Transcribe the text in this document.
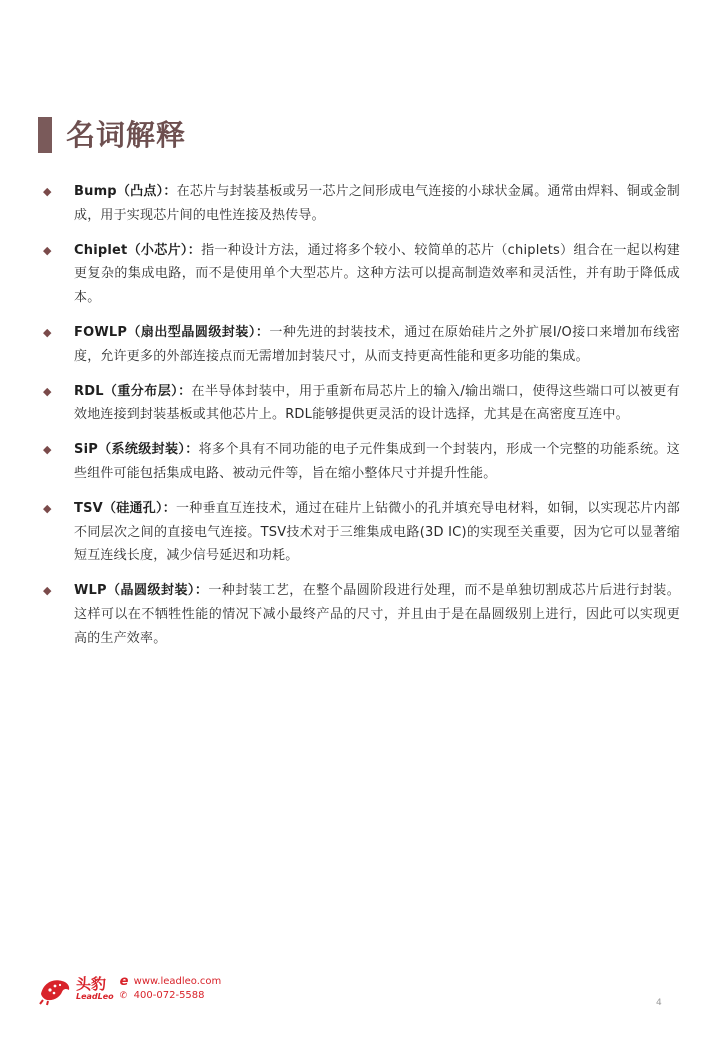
名词解释
◆	Bump（凸点）：在芯片与封装基板或另一芯片之间形成电气连接的小球状金属。通常由焊料、铜或金制成，用于实现芯片间的电性连接及热传导。
◆	Chiplet（小芯片）：指一种设计方法，通过将多个较小、较简单的芯片（chiplets）组合在一起以构建更复杂的集成电路，而不是使用单个大型芯片。这种方法可以提高制造效率和灵活性，并有助于降低成本。
◆	FOWLP（扇出型晶圆级封装）：一种先进的封装技术，通过在原始硅片之外扩展I/O接口来增加布线密度，允许更多的外部连接点而无需增加封装尺寸，从而支持更高性能和更多功能的集成。
◆	RDL（重分布层）：在半导体封装中，用于重新布局芯片上的输入/输出端口，使得这些端口可以被更有效地连接到封装基板或其他芯片上。RDL能够提供更灵活的设计选择，尤其是在高密度互连中。
◆	SiP（系统级封装）：将多个具有不同功能的电子元件集成到一个封装内，形成一个完整的功能系统。这些组件可能包括集成电路、被动元件等，旨在缩小整体尺寸并提升性能。
◆	TSV（硅通孔）：一种垂直互连技术，通过在硅片上钻微小的孔并填充导电材料，如铜，以实现芯片内部不同层次之间的直接电气连接。TSV技术对于三维集成电路(3D IC)的实现至关重要，因为它可以显著缩短互连线长度，减少信号延迟和功耗。
◆	WLP（晶圆级封装）：一种封装工艺，在整个晶圆阶段进行处理，而不是单独切割成芯片后进行封装。这样可以在不牺牲性能的情况下减小最终产品的尺寸，并且由于是在晶圆级别上进行，因此可以实现更高的生产效率。
头豹
LeadLeo
e www.leadleo.com
✆ 400-072-5588
4
